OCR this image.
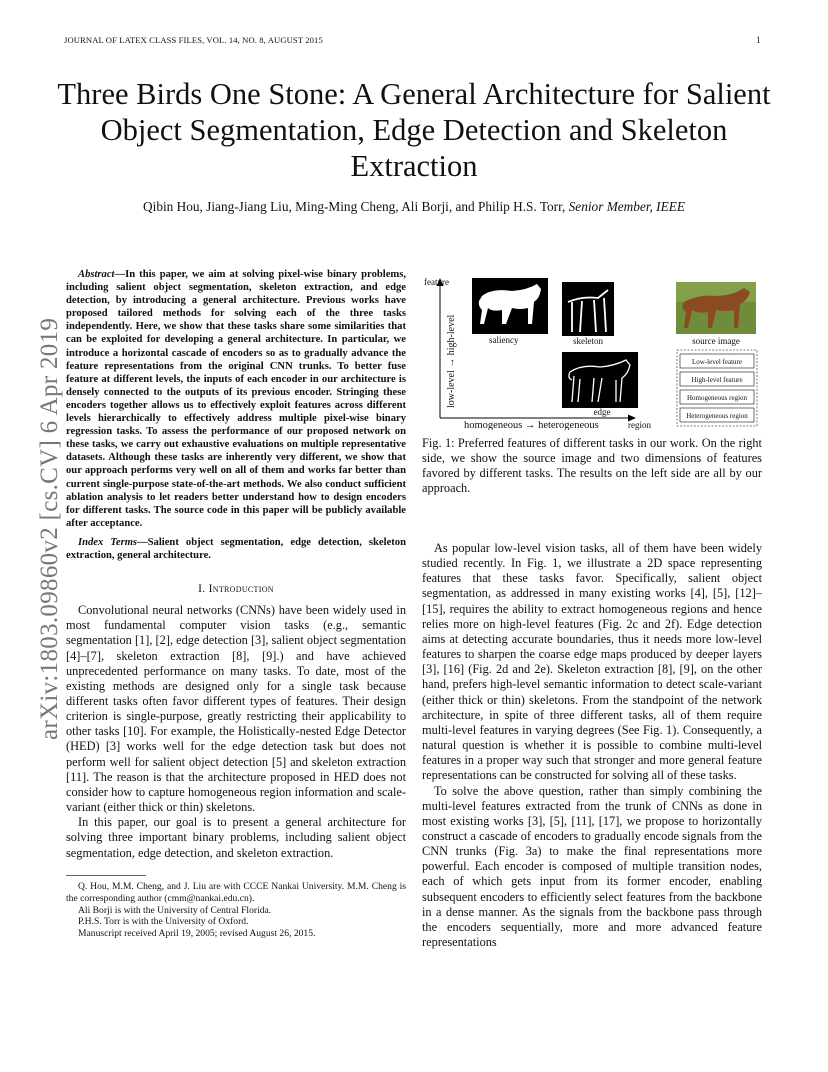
JOURNAL OF LATEX CLASS FILES, VOL. 14, NO. 8, AUGUST 2015	1
Three Birds One Stone: A General Architecture for Salient Object Segmentation, Edge Detection and Skeleton Extraction
Qibin Hou, Jiang-Jiang Liu, Ming-Ming Cheng, Ali Borji, and Philip H.S. Torr, Senior Member, IEEE
arXiv:1803.09860v2 [cs.CV] 6 Apr 2019

Abstract—In this paper, we aim at solving pixel-wise binary problems, including salient object segmentation, skeleton extraction, and edge detection, by introducing a general architecture. Previous works have proposed tailored methods for solving each of the three tasks independently. Here, we show that these tasks share some similarities that can be exploited for developing a general architecture. In particular, we introduce a horizontal cascade of encoders so as to gradually advance the feature representations from the original CNN trunks. To better fuse feature at different levels, the inputs of each encoder in our architecture is densely connected to the outputs of its previous encoder. Stringing these encoders together allows us to effectively exploit features across different levels hierarchically to effectively address multiple pixel-wise binary regression tasks. To assess the performance of our proposed network on these tasks, we carry out exhaustive evaluations on multiple representative datasets. Although these tasks are inherently very different, we show that our approach performs very well on all of them and works far better than current single-purpose state-of-the-art methods. We also conduct sufficient ablation analysis to let readers better understand how to design encoders for different tasks. The source code in this paper will be publicly available after acceptance.

Index Terms—Salient object segmentation, edge detection, skeleton extraction, general architecture.

I. Introduction

Convolutional neural networks (CNNs) have been widely used in most fundamental computer vision tasks (e.g., semantic segmentation [1], [2], edge detection [3], salient object segmentation [4]–[7], skeleton extraction [8], [9].) and have achieved unprecedented performance on many tasks. To date, most of the existing methods are designed only for a single task because different tasks often favor different types of features. Their design criterion is single-purpose, greatly restricting their applicability to other tasks [10]. For example, the Holistically-nested Edge Detector (HED) [3] works well for the edge detection task but does not perform well for salient object detection [5] and skeleton extraction [11]. The reason is that the architecture proposed in HED does not consider how to capture homogeneous region information and scale-variant (either thick or thin) skeletons.

In this paper, our goal is to present a general architecture for solving three important binary problems, including salient object segmentation, edge detection, and skeleton extraction.

Q. Hou, M.M. Cheng, and J. Liu are with CCCE Nankai University. M.M. Cheng is the corresponding author (cmm@nankai.edu.cn).
Ali Borji is with the University of Central Florida.
P.H.S. Torr is with the University of Oxford.
Manuscript received April 19, 2005; revised August 26, 2015.
feature
low-level → high-level
homogeneous → heterogeneous	region
saliency	skeleton
edge
source image
Low-level feature
High-level feature
Homogeneous region
Heterogeneous region
Fig. 1: Preferred features of different tasks in our work. On the right side, we show the source image and two dimensions of features favored by different tasks. The results on the left side are all by our approach.

As popular low-level vision tasks, all of them have been widely studied recently. In Fig. 1, we illustrate a 2D space representing features that these tasks favor. Specifically, salient object segmentation, as addressed in many existing works [4], [5], [12]–[15], requires the ability to extract homogeneous regions and hence relies more on high-level features (Fig. 2c and 2f). Edge detection aims at detecting accurate boundaries, thus it needs more low-level features to sharpen the coarse edge maps produced by deeper layers [3], [16] (Fig. 2d and 2e). Skeleton extraction [8], [9], on the other hand, prefers high-level semantic information to detect scale-variant (either thick or thin) skeletons. From the standpoint of the network architecture, in spite of three different tasks, all of them require multi-level features in varying degrees (See Fig. 1). Consequently, a natural question is whether it is possible to combine multi-level features in a proper way such that stronger and more general feature representations can be constructed for solving all of these tasks.

To solve the above question, rather than simply combining the multi-level features extracted from the trunk of CNNs as done in most existing works [3], [5], [11], [17], we propose to horizontally construct a cascade of encoders to gradually encode signals from the CNN trunks (Fig. 3a) to make the final representations more powerful. Each encoder is composed of multiple transition nodes, each of which gets input from its former encoder, enabling subsequent encoders to efficiently select features from the backbone in a dense manner. As the signals from the backbone pass through the encoders sequentially, more and more advanced feature representations
